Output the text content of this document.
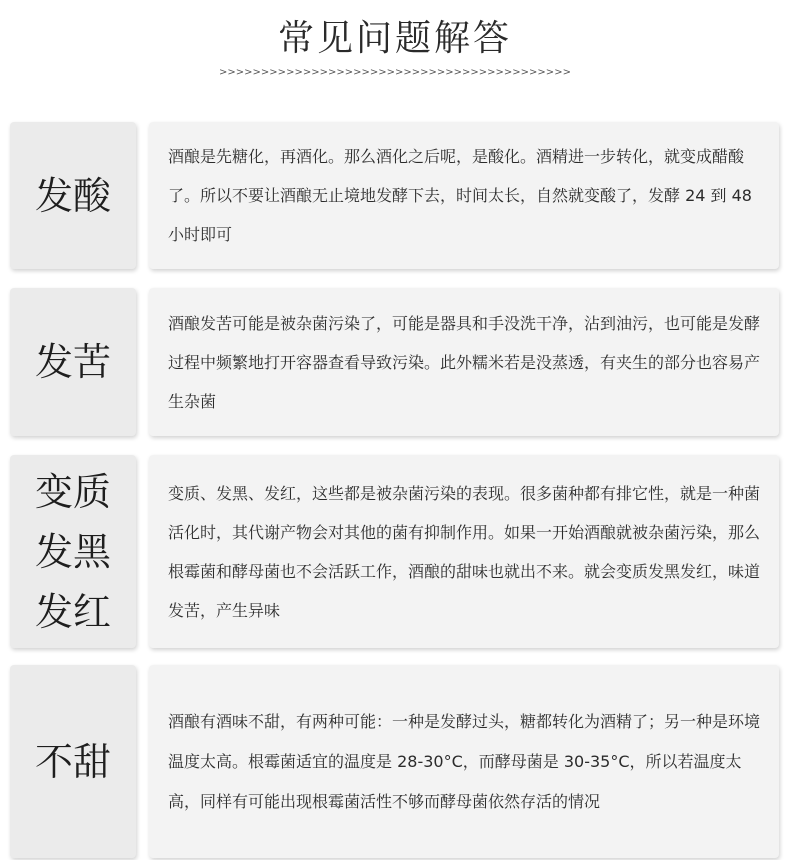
常见问题解答
>>>>>>>>>>>>>>>>>>>>>>>>>>>>>>>>>>>>>>>>>>
发酸
酒酿是先糖化，再酒化。那么酒化之后呢，是酸化。酒精进一步转化，就变成醋酸了。所以不要让酒酿无止境地发酵下去，时间太长，自然就变酸了，发酵 24 到 48 小时即可
发苦
酒酿发苦可能是被杂菌污染了，可能是器具和手没洗干净，沾到油污，也可能是发酵过程中频繁地打开容器查看导致污染。此外糯米若是没蒸透，有夹生的部分也容易产生杂菌
变质发黑发红
变质、发黑、发红，这些都是被杂菌污染的表现。很多菌种都有排它性，就是一种菌活化时，其代谢产物会对其他的菌有抑制作用。如果一开始酒酿就被杂菌污染，那么根霉菌和酵母菌也不会活跃工作，酒酿的甜味也就出不来。就会变质发黑发红，味道发苦，产生异味
不甜
酒酿有酒味不甜，有两种可能：一种是发酵过头，糖都转化为酒精了；另一种是环境温度太高。根霉菌适宜的温度是 28-30°C，而酵母菌是 30-35°C，所以若温度太高，同样有可能出现根霉菌活性不够而酵母菌依然存活的情况
